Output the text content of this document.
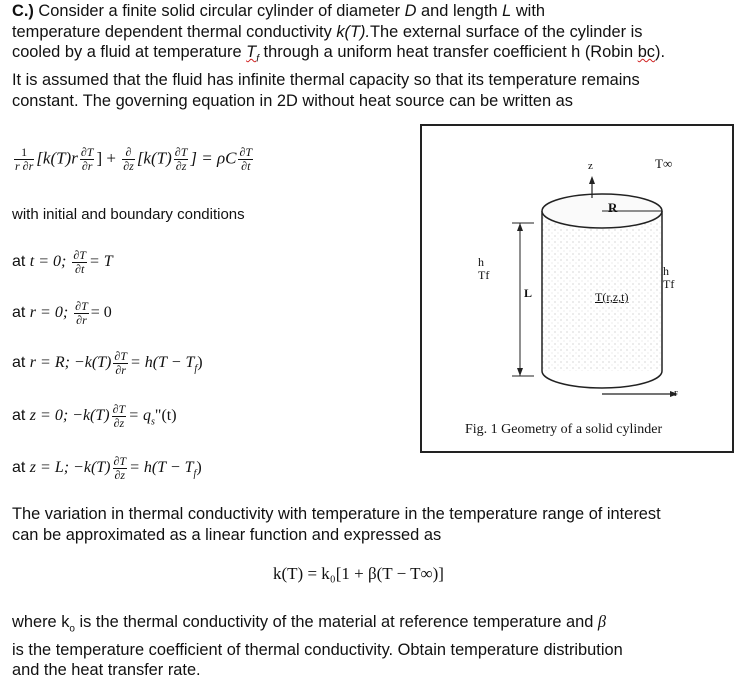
C.) Consider a finite solid circular cylinder of diameter D and length L with
temperature dependent thermal conductivity k(T).The external surface of the cylinder is
cooled by a fluid at temperature $T_f$ through a uniform heat transfer coefficient h (Robin bc).
It is assumed that the fluid has infinite thermal capacity so that its temperature remains
constant. The governing equation in 2D without heat source can be written as
$\frac{1}{r \partial r} [k(T)r \frac{\partial T}{\partial r}$ ] + $\frac{\partial}{\partial z} [k(T) \frac{\partial T}{\partial z}$ ] = ρC $\frac{\partial T}{\partial t}$
with initial and boundary conditions
at t = 0; $\frac{\partial T}{\partial t} = T$
at r = 0; $\frac{\partial T}{\partial r} = 0$
at r = R; $-k(T) \frac{\partial T}{\partial r} = h(T - T_f)$
at z = 0; $-k(T) \frac{\partial T}{\partial z}$ = $q_s"(t)$
at z = L; $-k(T) \frac{\partial T}{\partial z} = h(T - T_f)$
z	T∞
R
L
h
Tf	h
Tf
T(r,z,t)
r
Fig. 1 Geometry of a solid cylinder
The variation in thermal conductivity with temperature in the temperature range of interest
can be approximated as a linear function and expressed as
k(T) = k₀[1 + β(T − T∞)]
where $k_o$ is the thermal conductivity of the material at reference temperature and β
is the temperature coefficient of thermal conductivity. Obtain temperature distribution
and the heat transfer rate.
